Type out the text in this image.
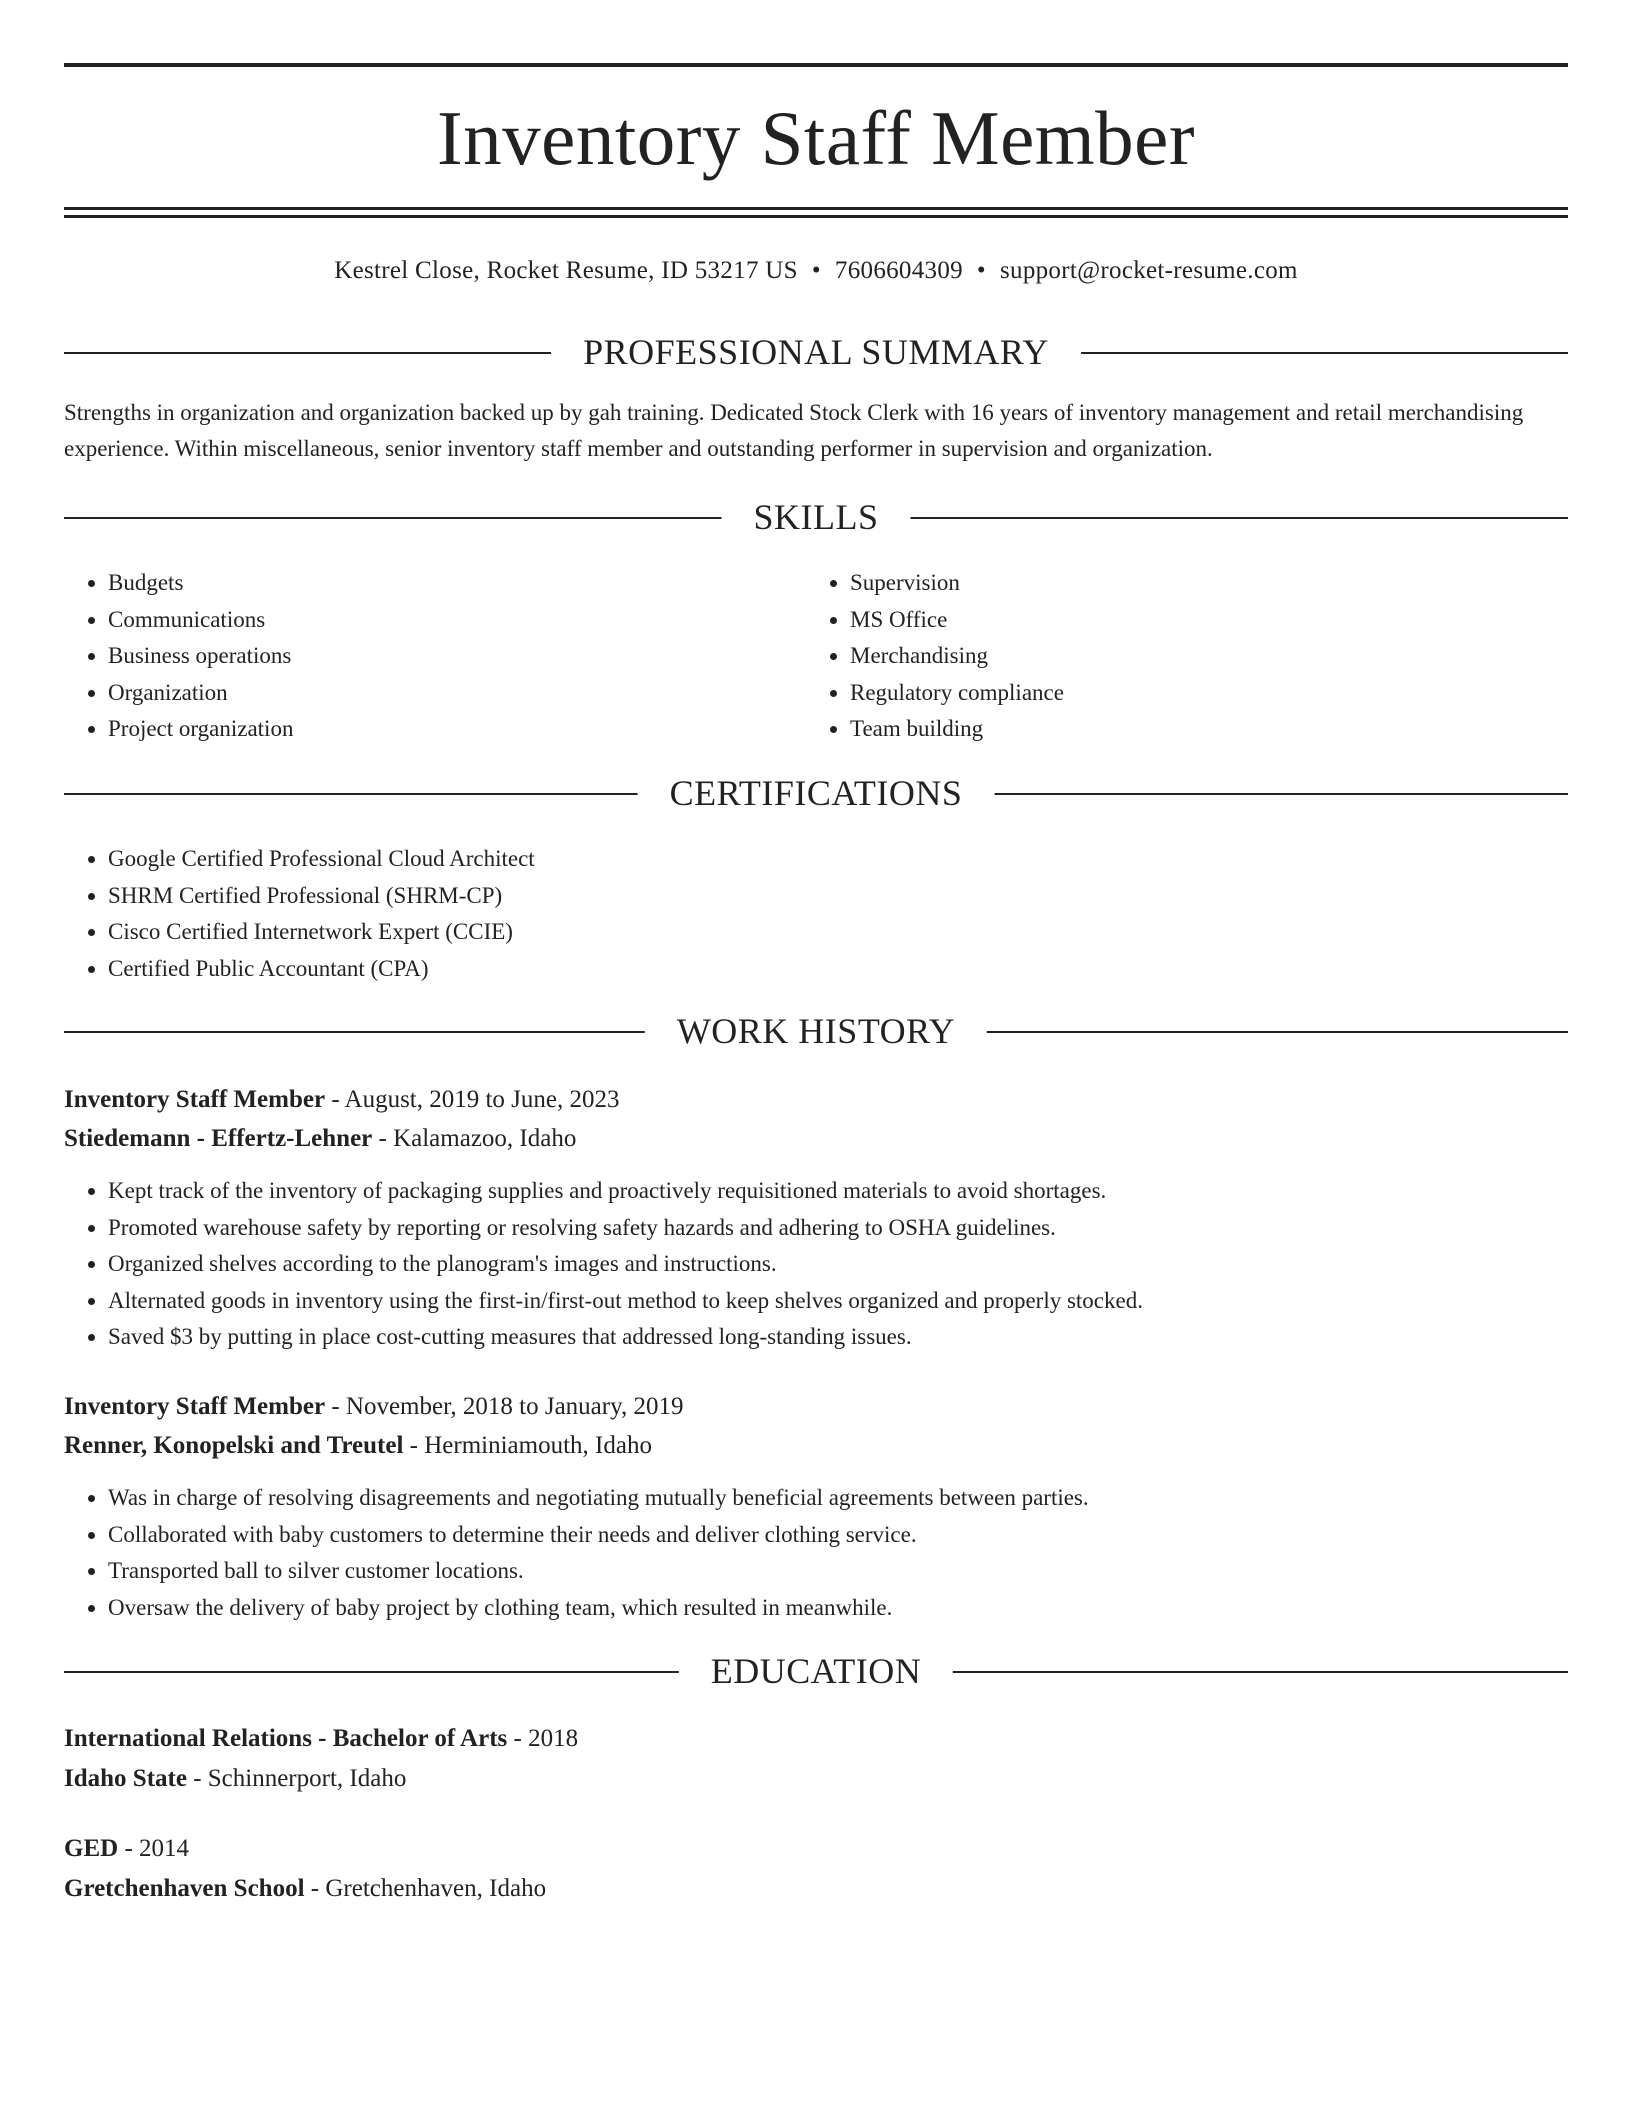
Inventory Staff Member
Kestrel Close, Rocket Resume, ID 53217 US • 7606604309 • support@rocket-resume.com
PROFESSIONAL SUMMARY
Strengths in organization and organization backed up by gah training. Dedicated Stock Clerk with 16 years of inventory management and retail merchandising experience. Within miscellaneous, senior inventory staff member and outstanding performer in supervision and organization.
SKILLS
• Budgets
• Communications
• Business operations
• Organization
• Project organization
• Supervision
• MS Office
• Merchandising
• Regulatory compliance
• Team building
CERTIFICATIONS
• Google Certified Professional Cloud Architect
• SHRM Certified Professional (SHRM-CP)
• Cisco Certified Internetwork Expert (CCIE)
• Certified Public Accountant (CPA)
WORK HISTORY
Inventory Staff Member - August, 2019 to June, 2023
Stiedemann - Effertz-Lehner - Kalamazoo, Idaho
• Kept track of the inventory of packaging supplies and proactively requisitioned materials to avoid shortages.
• Promoted warehouse safety by reporting or resolving safety hazards and adhering to OSHA guidelines.
• Organized shelves according to the planogram's images and instructions.
• Alternated goods in inventory using the first-in/first-out method to keep shelves organized and properly stocked.
• Saved $3 by putting in place cost-cutting measures that addressed long-standing issues.
Inventory Staff Member - November, 2018 to January, 2019
Renner, Konopelski and Treutel - Herminiamouth, Idaho
• Was in charge of resolving disagreements and negotiating mutually beneficial agreements between parties.
• Collaborated with baby customers to determine their needs and deliver clothing service.
• Transported ball to silver customer locations.
• Oversaw the delivery of baby project by clothing team, which resulted in meanwhile.
EDUCATION
International Relations - Bachelor of Arts - 2018
Idaho State - Schinnerport, Idaho
GED - 2014
Gretchenhaven School - Gretchenhaven, Idaho
